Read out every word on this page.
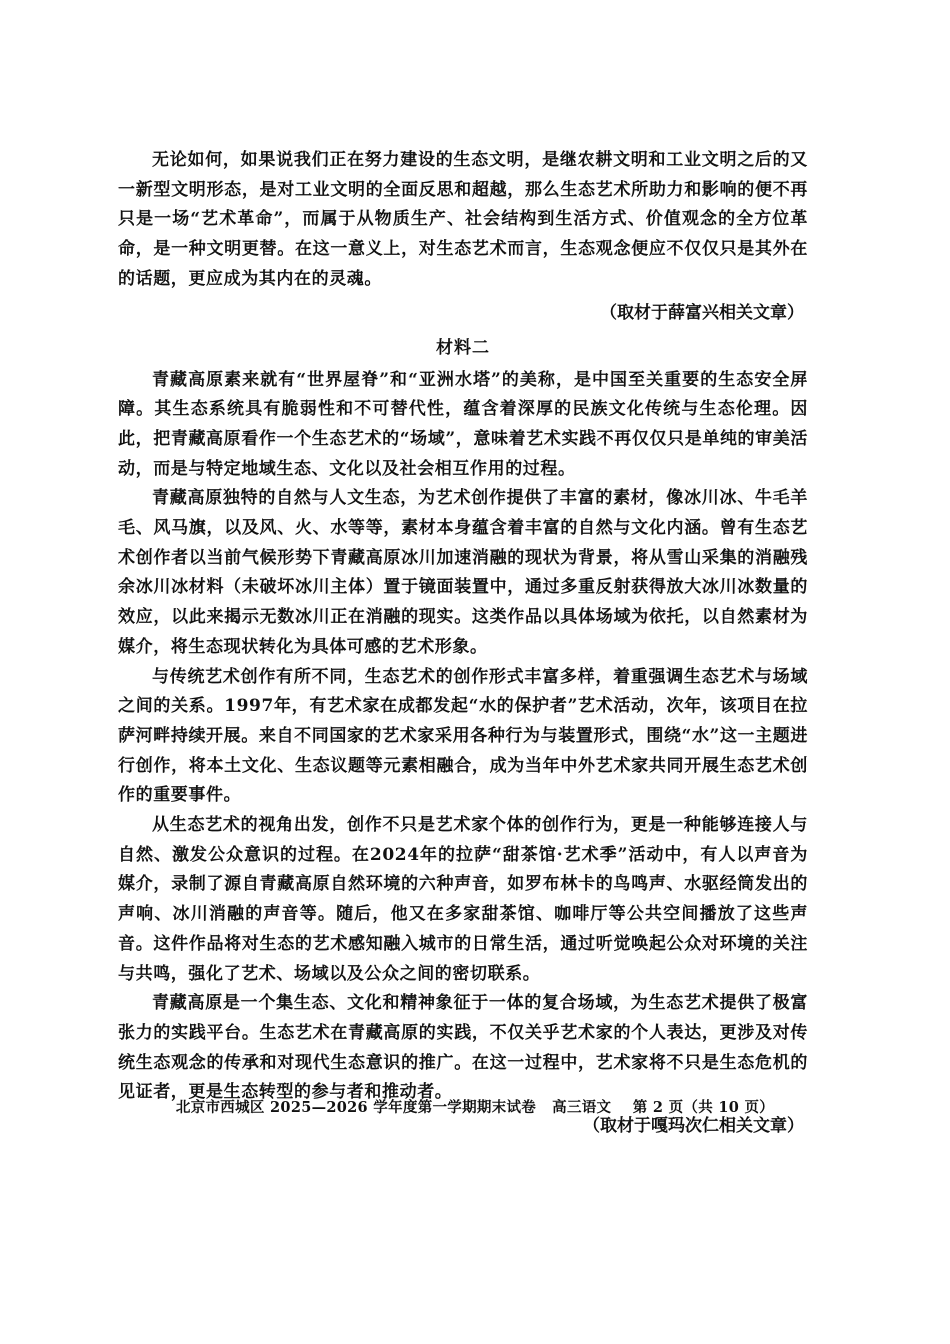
无论如何，如果说我们正在努力建设的生态文明，是继农耕文明和工业文明之后的又一新型文明形态，是对工业文明的全面反思和超越，那么生态艺术所助力和影响的便不再只是一场“艺术革命”，而属于从物质生产、社会结构到生活方式、价值观念的全方位革命，是一种文明更替。在这一意义上，对生态艺术而言，生态观念便应不仅仅只是其外在的话题，更应成为其内在的灵魂。

（取材于薛富兴相关文章）

材料二

青藏高原素来就有“世界屋脊”和“亚洲水塔”的美称，是中国至关重要的生态安全屏障。其生态系统具有脆弱性和不可替代性，蕴含着深厚的民族文化传统与生态伦理。因此，把青藏高原看作一个生态艺术的“场域”，意味着艺术实践不再仅仅只是单纯的审美活动，而是与特定地域生态、文化以及社会相互作用的过程。

青藏高原独特的自然与人文生态，为艺术创作提供了丰富的素材，像冰川冰、牛毛羊毛、风马旗，以及风、火、水等等，素材本身蕴含着丰富的自然与文化内涵。曾有生态艺术创作者以当前气候形势下青藏高原冰川加速消融的现状为背景，将从雪山采集的消融残余冰川冰材料（未破坏冰川主体）置于镜面装置中，通过多重反射获得放大冰川冰数量的效应，以此来揭示无数冰川正在消融的现实。这类作品以具体场域为依托，以自然素材为媒介，将生态现状转化为具体可感的艺术形象。

与传统艺术创作有所不同，生态艺术的创作形式丰富多样，着重强调生态艺术与场域之间的关系。1997年，有艺术家在成都发起“水的保护者”艺术活动，次年，该项目在拉萨河畔持续开展。来自不同国家的艺术家采用各种行为与装置形式，围绕“水”这一主题进行创作，将本土文化、生态议题等元素相融合，成为当年中外艺术家共同开展生态艺术创作的重要事件。

从生态艺术的视角出发，创作不只是艺术家个体的创作行为，更是一种能够连接人与自然、激发公众意识的过程。在2024年的拉萨“甜茶馆·艺术季”活动中，有人以声音为媒介，录制了源自青藏高原自然环境的六种声音，如罗布林卡的鸟鸣声、水驱经筒发出的声响、冰川消融的声音等。随后，他又在多家甜茶馆、咖啡厅等公共空间播放了这些声音。这件作品将对生态的艺术感知融入城市的日常生活，通过听觉唤起公众对环境的关注与共鸣，强化了艺术、场域以及公众之间的密切联系。

青藏高原是一个集生态、文化和精神象征于一体的复合场域，为生态艺术提供了极富张力的实践平台。生态艺术在青藏高原的实践，不仅关乎艺术家的个人表达，更涉及对传统生态观念的传承和对现代生态意识的推广。在这一过程中，艺术家将不只是生态危机的见证者，更是生态转型的参与者和推动者。

（取材于嘎玛次仁相关文章）

北京市西城区 2025—2026 学年度第一学期期末试卷   高三语文    第 2 页（共 10 页）
